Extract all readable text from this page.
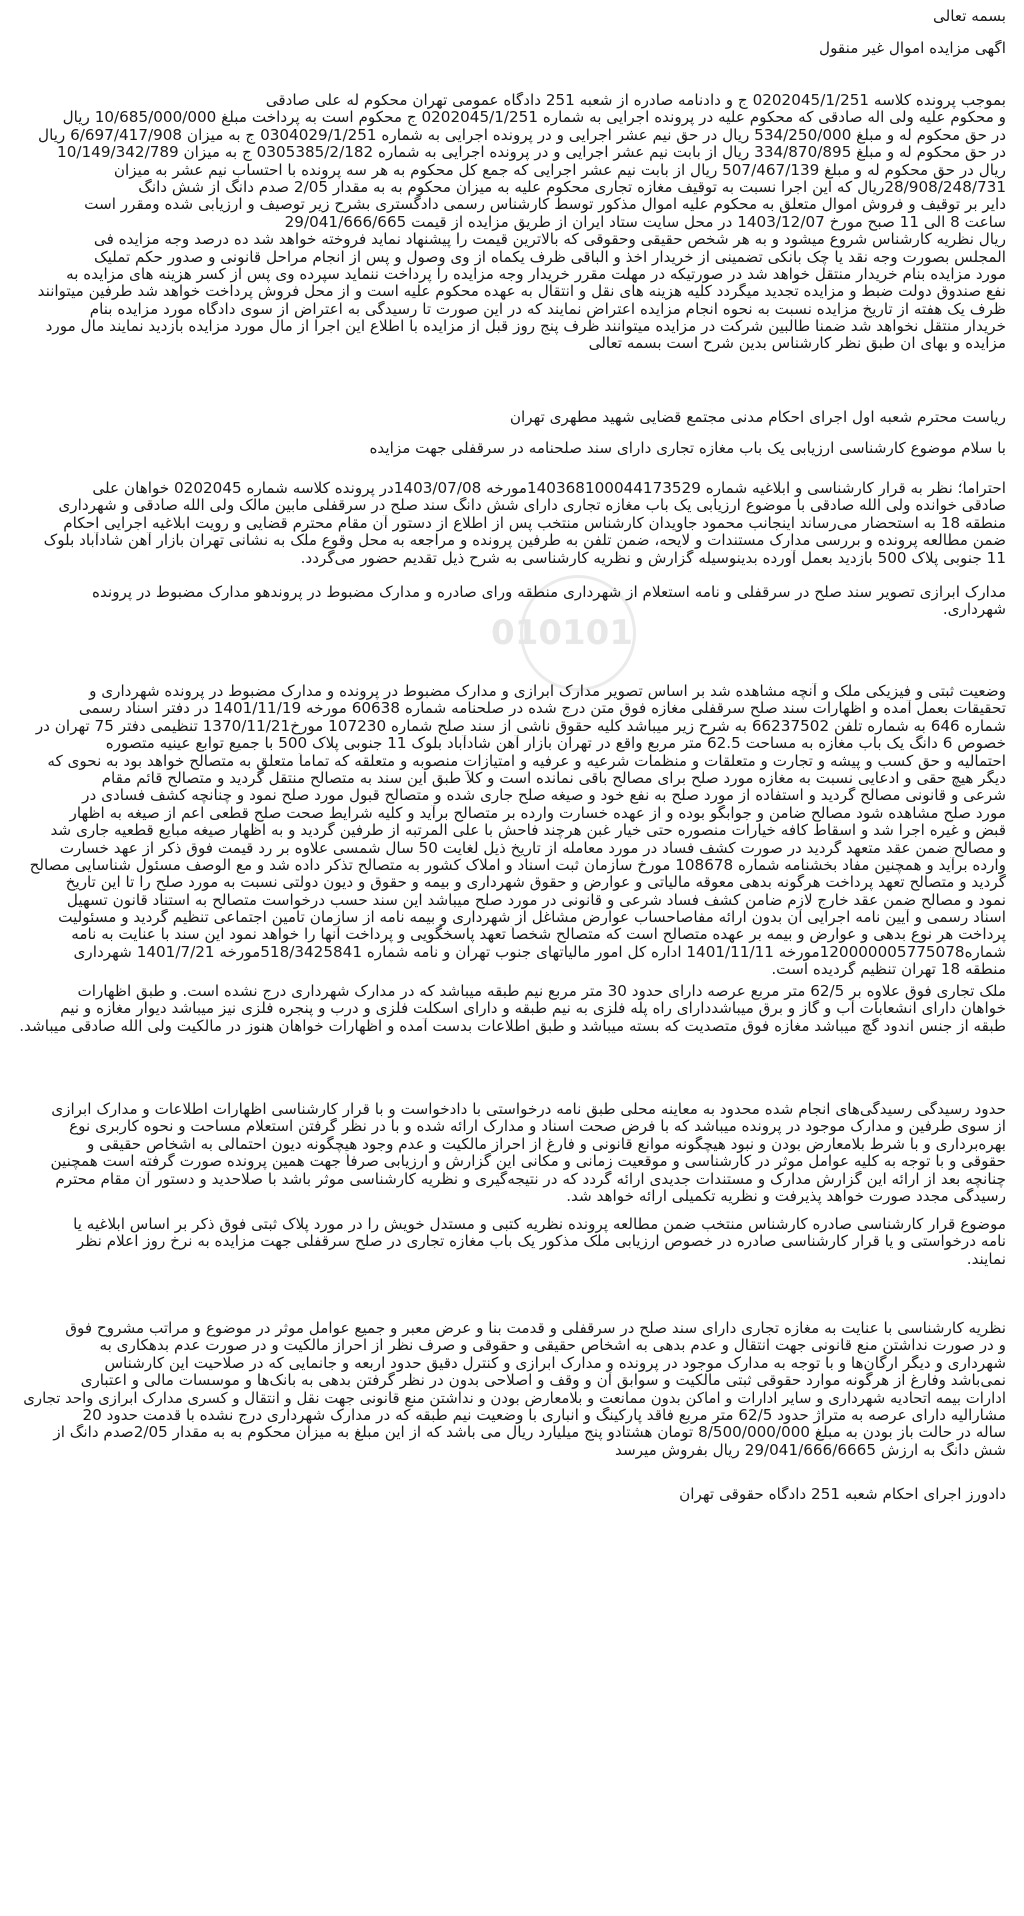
010101
بسمه تعالی
اگهی مزایده اموال غیر منقول
بموجب پرونده کلاسه 0202045/1/251 ج و دادنامه صادره از شعبه 251 دادگاه عمومی تهران محکوم له علی صادقی
و محکوم علیه ولی اله صادقی که محکوم علیه در پرونده اجرایی به شماره 0202045/1/251 ج محکوم است به پرداخت مبلغ 10/685/000/000 ریال
در حق محکوم له و مبلغ 534/250/000 ریال در حق نیم عشر اجرایی و در پرونده اجرایی به شماره 0304029/1/251 ج به میزان 6/697/417/908 ریال
در حق محکوم له و مبلغ 334/870/895 ریال از بابت نیم عشر اجرایی و در پرونده اجرایی به شماره 0305385/2/182 ج به میزان 10/149/342/789
ریال در حق محکوم له و مبلغ 507/467/139 ریال از بابت نیم عشر اجرایی که جمع کل محکوم به هر سه پرونده با احتساب نیم عشر به میزان
28/908/248/731ریال که این اجرا نسبت به توقیف مغازه تجاری محکوم علیه به میزان محکوم به به مقدار 2/05 صدم دانگ از شش دانگ
دایر بر توقیف و فروش اموال متعلق به محکوم علیه اموال مذکور توسط کارشناس رسمی دادگستری بشرح زیر توصیف و ارزیابی شده ومقرر است
ساعت 8 الی 11 صبح مورخ 1403/12/07 در محل سایت ستاد ایران از طریق مزایده از قیمت 29/041/666/665
ریال نظریه کارشناس شروع میشود و به هر شخص حقیقی وحقوقی که بالاترین قیمت را پیشنهاد نماید فروخته خواهد شد ده درصد وجه مزایده فی
المجلس بصورت وجه نقد یا چک بانکی تضمینی از خریدار اخذ و الباقی ظرف یکماه از وی وصول و پس از انجام مراحل قانونی و صدور حکم تملیک
مورد مزایده بنام خریدار منتقل خواهد شد در صورتیکه در مهلت مقرر خریدار وجه مزایده را پرداخت ننماید سپرده وی پس از کسر هزینه های مزایده به
نفع صندوق دولت ضبط و مزایده تجدید میگردد کلیه هزینه های نقل و انتقال به عهده محکوم علیه است و از محل فروش پرداخت خواهد شد طرفین میتوانند
ظرف یک هفته از تاریخ مزایده نسبت به نحوه انجام مزایده اعتراض نمایند که در این صورت تا رسیدگی به اعتراض از سوی دادگاه مورد مزایده بنام
خریدار منتقل نخواهد شد ضمنا طالبین شرکت در مزایده میتوانند ظرف پنج روز قبل از مزایده با اطلاع این اجرا از مال مورد مزایده بازدید نمایند مال مورد
مزایده و بهای ان طبق نظر کارشناس بدین شرح است بسمه تعالی
ریاست محترم شعبه اول اجرای احکام مدنی مجتمع قضایی شهید مطهری تهران
با سلام موضوع کارشناسی ارزیابی یک باب مغازه تجاری دارای سند صلحنامه در سرقفلی جهت مزایده
احتراماً؛ نظر به قرار کارشناسی و ابلاغیه شماره 140368100044173529مورخه 1403/07/08در پرونده کلاسه شماره 0202045 خواهان علی
صادقی خوانده ولی الله صادقی با موضوع ارزیابی یک باب مغازه تجاری دارای شش دانگ سند صلح در سرقفلی مابین مالک ولی الله صادقی و شهرداری
منطقه 18 به استحضار می‌رساند اینجانب محمود جاویدان کارشناس منتخب پس از اطلاع از دستور آن مقام محترم قضایی و رویت ابلاغیه اجرایی احکام
ضمن مطالعه پرونده و بررسی مدارک مستندات و لایحه، ضمن تلفن به طرفین پرونده و مراجعه به محل وقوع ملک به نشانی تهران بازار آهن شادآباد بلوک
11 جنوبی پلاک 500 بازدید بعمل آورده بدینوسیله گزارش و نظریه کارشناسی به شرح ذیل تقدیم حضور می‌گردد.
مدارک ابرازی تصویر سند صلح در سرقفلی و نامه استعلام از شهرداری منطقه ورای صادره و مدارک مضبوط در پروندهو مدارک مضبوط در پرونده
شهرداری.
وضعیت ثبتی و فیزیکی ملک و آنچه مشاهده شد بر اساس تصویر مدارک ابرازی و مدارک مضبوط در پرونده و مدارک مضبوط در پرونده شهرداری و
تحقیقات بعمل آمده و اظهارات سند صلح سرقفلی مغازه فوق متن درج شده در صلحنامه شماره 60638 مورخه 1401/11/19 در دفتر اسناد رسمی
شماره 646 به شماره تلفن 66237502 به شرح زیر میباشد کلیه حقوق ناشی از سند صلح شماره 107230 مورخ1370/11/21 تنظیمی دفتر 75 تهران در
خصوص 6 دانگ یک باب مغازه به مساحت 62.5 متر مربع واقع در تهران بازار آهن شادآباد بلوک 11 جنوبی پلاک 500 با جمیع توابع عینیه متصوره
احتمالیه و حق کسب و پیشه و تجارت و متعلقات و منظمات شرعیه و عرفیه و امتیازات منصوبه و متعلقه که تماماً متعلق به متصالح خواهد بود به نحوی که
دیگر هیچ حقی و ادعایی نسبت به مغازه مورد صلح برای مصالح باقی نمانده است و کلاً طبق این سند به متصالح منتقل گردید و متصالح قائم مقام
شرعی و قانونی مصالح گردید و استفاده از مورد صلح به نفع خود و صیغه صلح جاری شده و متصالح قبول مورد صلح نمود و چنانچه کشف فسادی در
مورد صلح مشاهده شود مصالح ضامن و جوابگو بوده و از عهده خسارت وارده بر متصالح برآید و کلیه شرایط صحت صلح قطعی اعم از صیغه به اظهار
قبض و غیره اجرا شد و اسقاط کافه خیارات منصوره حتی خیار غبن هرچند فاحش با علی المرتبه از طرفین گردید و به اظهار صیغه مبایع قطعیه جاری شد
و مصالح ضمن عقد متعهد گردید در صورت کشف فساد در مورد معامله از تاریخ ذیل لغایت 50 سال شمسی علاوه بر رد قیمت فوق ذکر از عهد خسارت
وارده برآید و همچنین مفاد بخشنامه شماره 108678 مورخ سازمان ثبت اسناد و املاک کشور به متصالح تذکر داده شد و مع الوصف مسئول شناسایی مصالح
گردید و متصالح تعهد پرداخت هرگونه بدهی معوقه مالیاتی و عوارض و حقوق شهرداری و بیمه و حقوق و دیون دولتی نسبت به مورد صلح را تا این تاریخ
نمود و مصالح ضمن عقد خارج لازم ضامن کشف فساد شرعی و قانونی در مورد صلح میباشد این سند حسب درخواست متصالح به استناد قانون تسهیل
اسناد رسمی و آیین نامه اجرایی آن بدون ارائه مفاصاحساب عوارض مشاغل از شهرداری و بیمه نامه از سازمان تامین اجتماعی تنظیم گردید و مسئولیت
پرداخت هر نوع بدهی و عوارض و بیمه بر عهده متصالح است که متصالح شخصاً تعهد پاسخگویی و پرداخت آنها را خواهد نمود این سند با عنایت به نامه
شماره120000005775078مورخه 1401/11/11 اداره کل امور مالیاتهای جنوب تهران و نامه شماره 518/3425841مورخه 1401/7/21 شهرداری
منطقه 18 تهران تنظیم گردیده است.
ملک تجاری فوق علاوه بر 62/5 متر مربع عرصه دارای حدود 30 متر مربع نیم طبقه میباشد که در مدارک شهرداری درج نشده است. و طبق اظهارات
خواهان دارای انشعابات آب و گاز و برق میباشددارای راه پله فلزی به نیم طبقه و دارای اسکلت فلزی و درب و پنجره فلزی نیز میباشد دیوار مغازه و نیم
طبقه از جنس اندود گچ میباشد مغازه فوق متصدیت که بسته میباشد و طبق اطلاعات بدست آمده و اظهارات خواهان هنوز در مالکیت ولی الله صادقی میباشد.
حدود رسیدگی رسیدگی‌های انجام شده محدود به معاینه محلی طبق نامه درخواستی با دادخواست و با قرار کارشناسی اظهارات اطلاعات و مدارک ابرازی
از سوی طرفین و مدارک موجود در پرونده میباشد که با فرض صحت اسناد و مدارک ارائه شده و با در نظر گرفتن استعلام مساحت و نحوه کاربری نوع
بهره‌برداری و با شرط بلامعارض بودن و نبود هیچگونه موانع قانونی و فارغ از احراز مالکیت و عدم وجود هیچگونه دیون احتمالی به اشخاص حقیقی و
حقوقی و با توجه به کلیه عوامل موثر در کارشناسی و موقعیت زمانی و مکانی این گزارش و ارزیابی صرفاً جهت همین پرونده صورت گرفته است همچنین
چنانچه بعد از ارائه این گزارش مدارک و مستندات جدیدی ارائه گردد که در نتیجه‌گیری و نظریه کارشناسی موثر باشد با صلاحدید و دستور آن مقام محترم
رسیدگی مجدد صورت خواهد پذیرفت و نظریه تکمیلی ارائه خواهد شد.
موضوع قرار کارشناسی صادره کارشناس منتخب ضمن مطالعه پرونده نظریه کتبی و مستدل خویش را در مورد پلاک ثبتی فوق ذکر بر اساس ابلاغیه یا
نامه درخواستی و یا قرار کارشناسی صادره در خصوص ارزیابی ملک مذکور یک باب مغازه تجاری در صلح سرقفلی جهت مزایده به نرخ روز اعلام نظر
نمایند.
نظریه کارشناسی با عنایت به مغازه تجاری دارای سند صلح در سرقفلی و قدمت بنا و عرض معبر و جمیع عوامل موثر در موضوع و مراتب مشروح فوق
و در صورت نداشتن منع قانونی جهت انتقال و عدم بدهی به اشخاص حقیقی و حقوقی و صرف نظر از احراز مالکیت و در صورت عدم بدهکاری به
شهرداری و دیگر ارگان‌ها و با توجه به مدارک موجود در پرونده و مدارک ابرازی و کنترل دقیق حدود اربعه و جانمایی که در صلاحیت این کارشناس
نمی‌باشد وفارغ از هرگونه موارد حقوقی ثبتی مالکیت و سوابق آن و وقف و اصلاحی بدون در نظر گرفتن بدهی به بانک‌ها و موسسات مالی و اعتباری
ادارات بیمه اتحادیه شهرداری و سایر ادارات و اماکن بدون ممانعت و بلامعارض بودن و نداشتن منع قانونی جهت نقل و انتقال و کسری مدارک ابرازی واحد تجاری
مشارالیه دارای عرصه به متراژ حدود 62/5 متر مربع فاقد پارکینگ و انباری با وضعیت نیم طبقه که در مدارک شهرداری درج نشده با قدمت حدود 20
ساله در حالت باز بودن به مبلغ 8/500/000/000 تومان هشتادو پنج میلیارد ریال می باشد که از این مبلغ به میزان محکوم به به مقدار 2/05صدم دانگ از
شش دانگ به ارزش 29/041/666/6665 ریال بفروش میرسد
دادورز اجرای احکام شعبه 251 دادگاه حقوقی تهران
